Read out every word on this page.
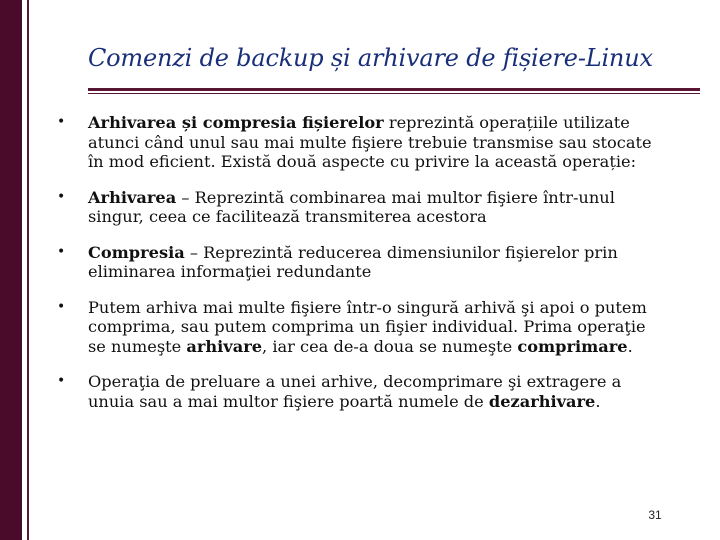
Comenzi de backup și arhivare de fișiere-Linux
• Arhivarea și compresia fișierelor reprezintă operațiile utilizate atunci când unul sau mai multe fişiere trebuie transmise sau stocate în mod eficient. Există două aspecte cu privire la această operație:
• Arhivarea – Reprezintă combinarea mai multor fişiere într-unul singur, ceea ce facilitează transmiterea acestora
• Compresia – Reprezintă reducerea dimensiunilor fişierelor prin eliminarea informaţiei redundante
• Putem arhiva mai multe fişiere într-o singură arhivă şi apoi o putem comprima, sau putem comprima un fişier individual. Prima operaţie se numeşte arhivare, iar cea de-a doua se numeşte comprimare.
• Operaţia de preluare a unei arhive, decomprimare şi extragere a unuia sau a mai multor fişiere poartă numele de dezarhivare.
31
